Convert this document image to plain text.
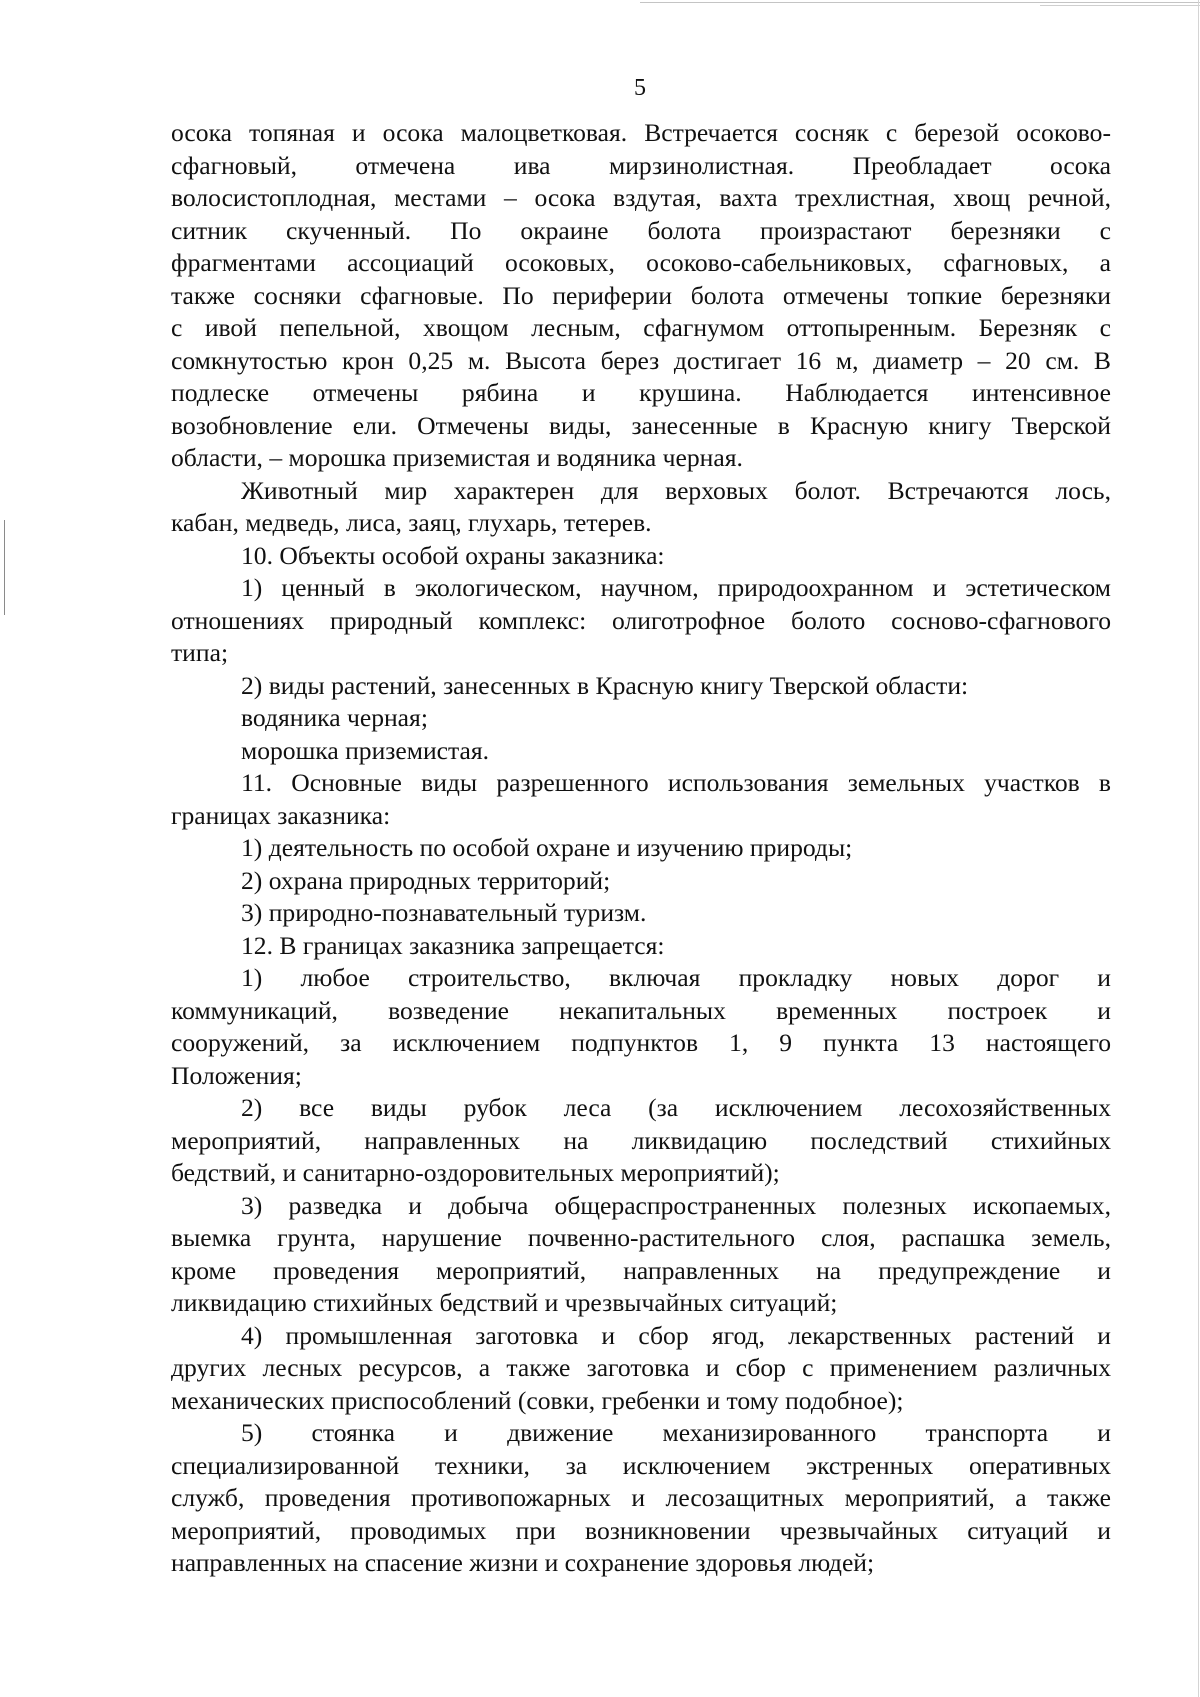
5
осока топяная и осока малоцветковая. Встречается сосняк с березой осоково-
сфагновый, отмечена ива мирзинолистная. Преобладает осока
волосистоплодная, местами – осока вздутая, вахта трехлистная, хвощ речной,
ситник скученный. По окраине болота произрастают березняки с
фрагментами ассоциаций осоковых, осоково-сабельниковых, сфагновых, а
также сосняки сфагновые. По периферии болота отмечены топкие березняки
с ивой пепельной, хвощом лесным, сфагнумом оттопыренным. Березняк с
сомкнутостью крон 0,25 м. Высота берез достигает 16 м, диаметр – 20 см. В
подлеске отмечены рябина и крушина. Наблюдается интенсивное
возобновление ели. Отмечены виды, занесенные в Красную книгу Тверской
области, – морошка приземистая и водяника черная.
Животный мир характерен для верховых болот. Встречаются лось,
кабан, медведь, лиса, заяц, глухарь, тетерев.
10. Объекты особой охраны заказника:
1) ценный в экологическом, научном, природоохранном и эстетическом
отношениях природный комплекс: олиготрофное болото сосново-сфагнового
типа;
2) виды растений, занесенных в Красную книгу Тверской области:
водяника черная;
морошка приземистая.
11. Основные виды разрешенного использования земельных участков в
границах заказника:
1) деятельность по особой охране и изучению природы;
2) охрана природных территорий;
3) природно-познавательный туризм.
12. В границах заказника запрещается:
1) любое строительство, включая прокладку новых дорог и
коммуникаций, возведение некапитальных временных построек и
сооружений, за исключением подпунктов 1, 9 пункта 13 настоящего
Положения;
2) все виды рубок леса (за исключением лесохозяйственных
мероприятий, направленных на ликвидацию последствий стихийных
бедствий, и санитарно-оздоровительных мероприятий);
3) разведка и добыча общераспространенных полезных ископаемых,
выемка грунта, нарушение почвенно-растительного слоя, распашка земель,
кроме проведения мероприятий, направленных на предупреждение и
ликвидацию стихийных бедствий и чрезвычайных ситуаций;
4) промышленная заготовка и сбор ягод, лекарственных растений и
других лесных ресурсов, а также заготовка и сбор с применением различных
механических приспособлений (совки, гребенки и тому подобное);
5) стоянка и движение механизированного транспорта и
специализированной техники, за исключением экстренных оперативных
служб, проведения противопожарных и лесозащитных мероприятий, а также
мероприятий, проводимых при возникновении чрезвычайных ситуаций и
направленных на спасение жизни и сохранение здоровья людей;
